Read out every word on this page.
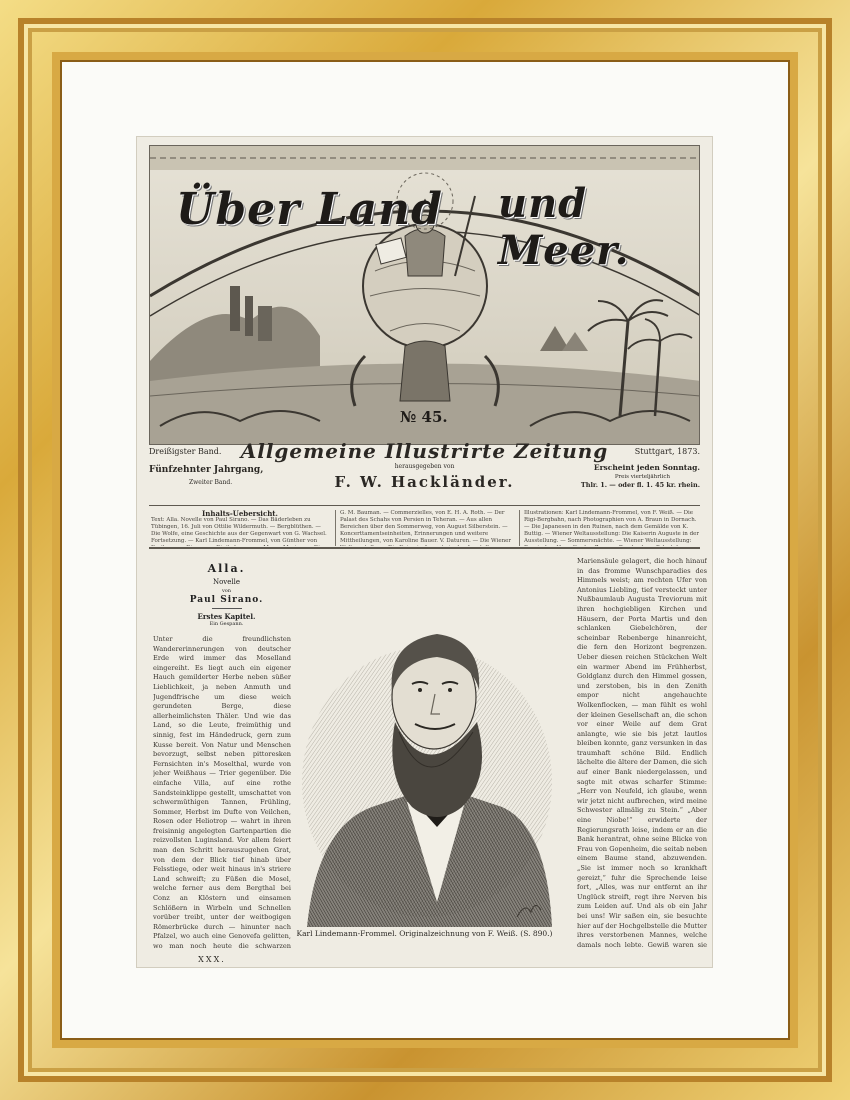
Über Land und Meer.
№ 45.
Dreißigster Band. Allgemeine Illustrirte Zeitung	Stuttgart, 1873.
Fünfzehnter Jahrgang,
Zweiter Band.
herausgegeben von
F. W. Hackländer.
Erscheint jeden Sonntag.
Preis vierteljährlich
Thlr. 1. — oder fl. 1. 45 kr. rhein.
Inhalts-Uebersicht.
Text: Alla. Novelle von Paul Sirano. — Das Bäderleben zu Tübingen, 16. Juli von Ottilie Wildermuth. — Bergblüthen. — Die Wolfe, eine Geschichte aus der Gegenwart von G. Wachsel. Fortsetzung. — Karl Lindemann-Frommel, von Günther von
G. M. Bauman. — Commerzielles, von E. H. A. Roth. — Der Palast des Schahs von Persien in Teheran. — Aus allen Bereichen über den Sommerweg, von August Silberstein. — Koncerttamentseinheiten, Erinnerungen und weitere Mittheilungen, von Karoline Bauer. V. Daturen. — Die Wiener
Illustrationen: Karl Lindemann-Frommel, von F. Weiß. — Die Rigi-Bergbahn, nach Photographien von A. Braun in Dornach. — Die Japanesen in den Ruinen, nach dem Gemälde von K. Buttig. — Wiener Weltausstellung: Die Kaiserin Auguste in der Ausstellung. — Sommersnächte. — Wiener Weltausstellung:
Alla.
Novelle
von
Paul Sirano.
Erstes Kapitel.
Ein Gespann.
Unter die freundlichsten Wandererinnerungen von deutscher Erde wird immer das Moselland eingereiht. Es liegt auch ein eigener Hauch gemilderter Herbe neben süßer Lieblichkeit, ja neben Anmuth und Jugendfrische um diese weich gerundeten Berge, diese allerheimlichsten Thäler. Und wie das Land, so die Leute, freimüthig und sinnig, fest im Händedruck, gern zum Kusse bereit. Von Natur und Menschen bevorzugt, selbst neben pittoresken Fernsichten in's Moselthal, wurde von jeher Weißhaus — Trier gegenüber. Die einfache Villa, auf eine rothe Sandsteinklippe gestellt, umschattet von schwermüthigen Tannen, Frühling, Sommer, Herbst im Dufte von Veilchen, Rosen oder Heliotrop — wahrt in ihren freisinnig angelegten Gartenpartien die reizvollsten Luginsland. Vor allem feiert man den Schritt herauszugehen Grat, von dem der Blick tief hinab über Felsstiege, oder weit hinaus in's striere Land schweift; zu Füßen die Mosel, welche ferner aus dem Bergthal bei Conz an Klöstern und einsamen Schlößern in Wirbeln und Schnellen vorüber treibt, unter der weitbogigen Römerbrücke durch — hinunter nach Pfalzel, wo auch eine Genovefa gelitten, wo man noch heute die schwarzen
Mariensäule gelagert, die hoch hinauf in das fromme Wunschparadies des Himmels weist; am rechten Ufer von Antonius Liebling, tief versteckt unter Nußbaumlaub Augusta Treviorum mit ihren hochgiebligen Kirchen und Häusern, der Porta Martis und den schlanken Giebelchören, der scheinbar Rebenberge hinanreicht, die fern den Horizont begrenzen. Ueber diesen reichen Stückchen Welt ein warmer Abend im Frühherbst, Goldglanz durch den Himmel gossen, und zerstoben, bis in den Zenith empor nicht angehauchte Wolkenflocken, — man fühlt es wohl der kleinen Gesellschaft an, die schon vor einer Weile auf dem Grat anlangte, wie sie bis jetzt lautlos bleiben konnte, ganz versunken in das traumhaft schöne Bild. Endlich lächelte die ältere der Damen, die sich auf einer Bank niedergelassen, und sagte mit etwas scharfer Stimme: „Herr von Neufeld, ich glaube, wenn wir jetzt nicht aufbrechen, wird meine Schwester allmälig zu Stein.“ „Aber eine Niobe!“ erwiderte der Regierungsrath leise, indem er an die Bank herantrat, ohne seine Blicke von Frau von Gopenheim, die seitab neben einem Baume stand, abzuwenden. „Sie ist immer noch so krankhaft gereizt,“ fuhr die Sprechende leise fort, „Alles, was nur entfernt an ihr Unglück streift, regt ihre Nerven bis zum Leiden auf. Und als ob ein Jahr bei uns! Wir saßen ein, sie besuchte hier auf der Hochgelbstelle die Mutter ihres verstorbenen Mannes, welche damals noch lebte. Gewiß waren sie
Karl Lindemann-Frommel. Originalzeichnung von F. Weiß. (S. 890.)
XXX.
